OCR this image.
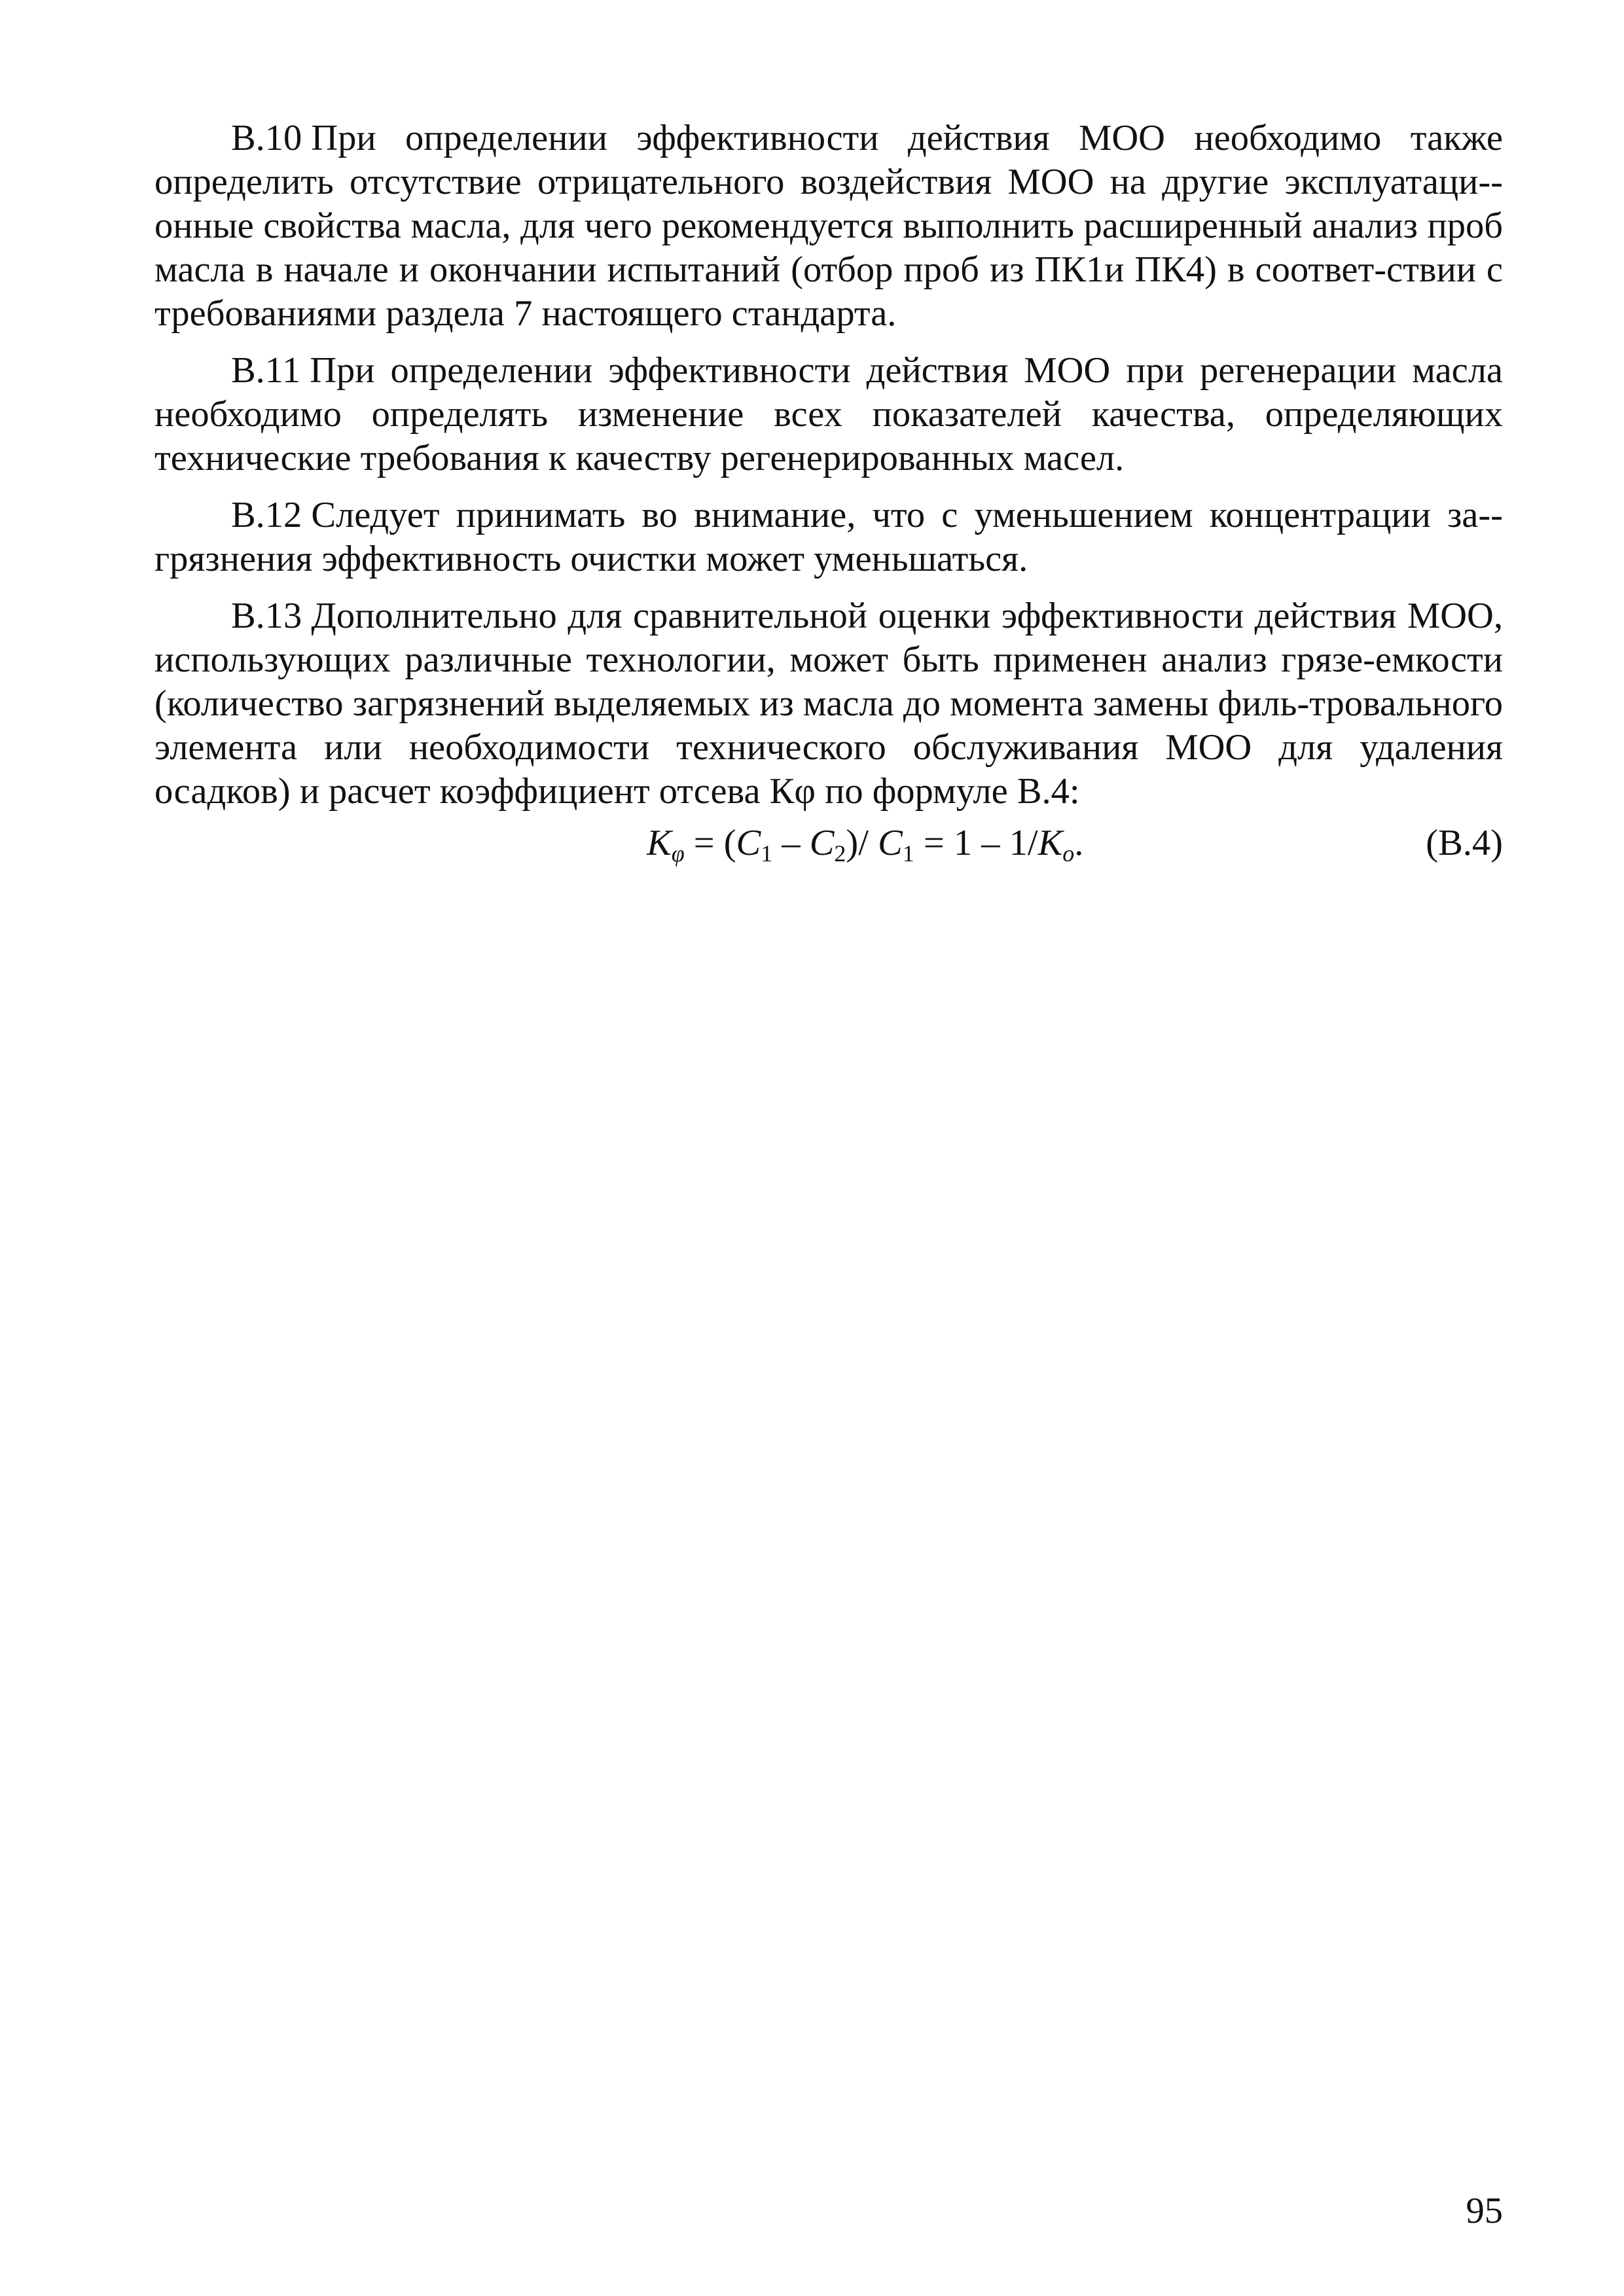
В.10 При определении эффективности действия МОО необходимо также определить отсутствие отрицательного воздействия МОО на другие эксплуатаци-онные свойства масла, для чего рекомендуется выполнить расширенный анализ проб масла в начале и окончании испытаний (отбор проб из ПК1и ПК4) в соответ-ствии с требованиями раздела 7 настоящего стандарта.

В.11 При определении эффективности действия МОО при регенерации масла необходимо определять изменение всех показателей качества, определяющих технические требования к качеству регенерированных масел.

В.12 Следует принимать во внимание, что с уменьшением концентрации за-грязнения эффективность очистки может уменьшаться.

В.13 Дополнительно для сравнительной оценки эффективности действия МОО, использующих различные технологии, может быть применен анализ грязе-емкости (количество загрязнений выделяемых из масла до момента замены филь-тровального элемента или необходимости технического обслуживания МОО для удаления осадков) и расчет коэффициент отсева Кφ по формуле В.4:

$K_\varphi = (C_1 - C_2)/$ $C_1 = 1 - 1/K_o$.	(В.4)
95
